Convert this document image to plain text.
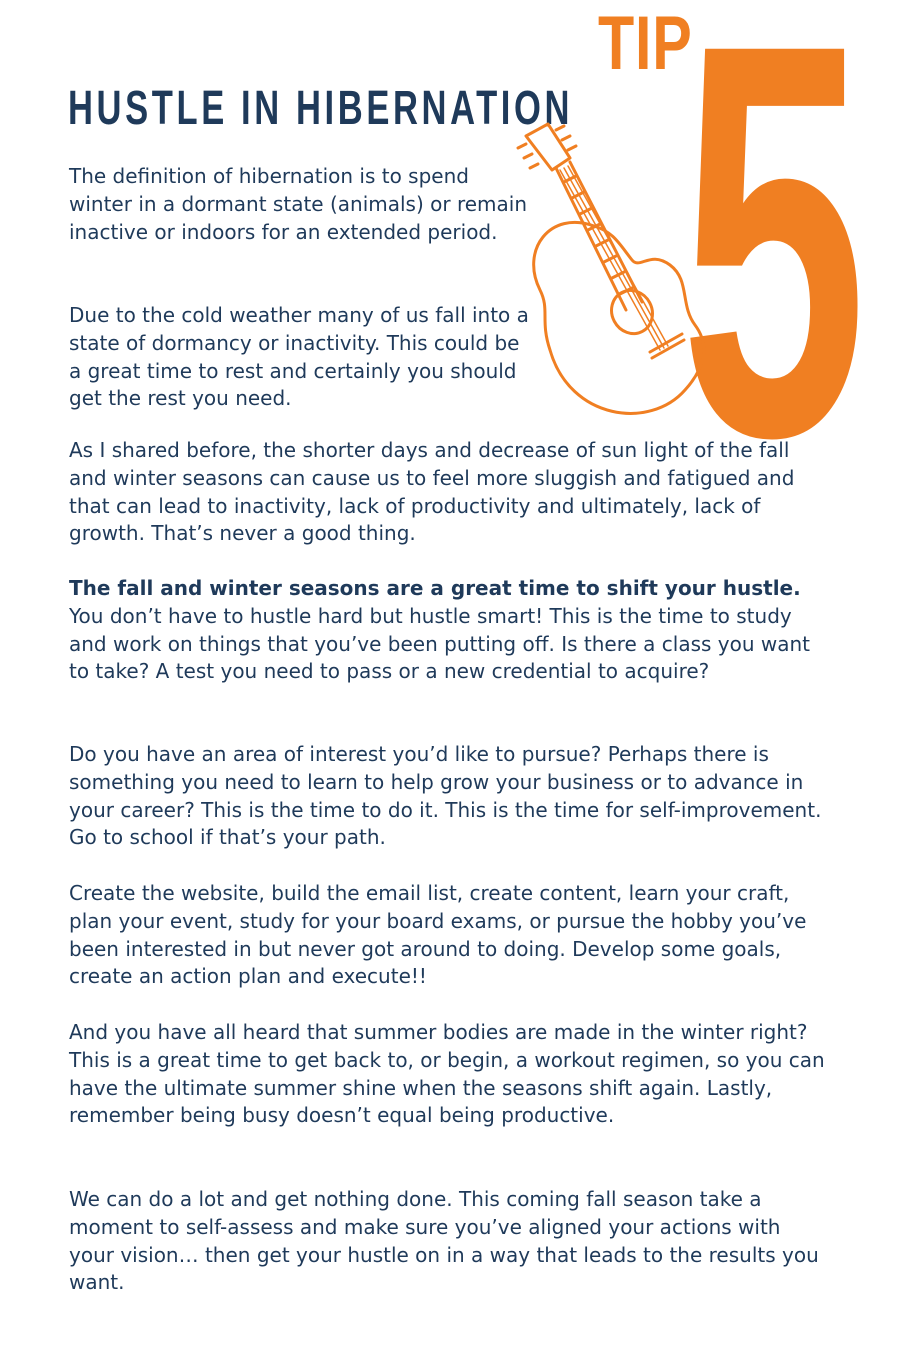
5
TIP
HUSTLE IN HIBERNATION

The definition of hibernation is to spend winter in a dormant state (animals) or remain inactive or indoors for an extended period.

Due to the cold weather many of us fall into a state of dormancy or inactivity. This could be a great time to rest and certainly you should get the rest you need.

As I shared before, the shorter days and decrease of sun light of the fall and winter seasons can cause us to feel more sluggish and fatigued and that can lead to inactivity, lack of productivity and ultimately, lack of growth. That’s never a good thing.

The fall and winter seasons are a great time to shift your hustle.
You don’t have to hustle hard but hustle smart! This is the time to study and work on things that you’ve been putting off. Is there a class you want to take? A test you need to pass or a new credential to acquire?

Do you have an area of interest you’d like to pursue? Perhaps there is something you need to learn to help grow your business or to advance in your career? This is the time to do it. This is the time for self-improvement. Go to school if that’s your path.

Create the website, build the email list, create content, learn your craft, plan your event, study for your board exams, or pursue the hobby you’ve been interested in but never got around to doing. Develop some goals, create an action plan and execute!!

And you have all heard that summer bodies are made in the winter right? This is a great time to get back to, or begin, a workout regimen, so you can have the ultimate summer shine when the seasons shift again. Lastly, remember being busy doesn’t equal being productive.

We can do a lot and get nothing done. This coming fall season take a moment to self-assess and make sure you’ve aligned your actions with your vision… then get your hustle on in a way that leads to the results you want.
